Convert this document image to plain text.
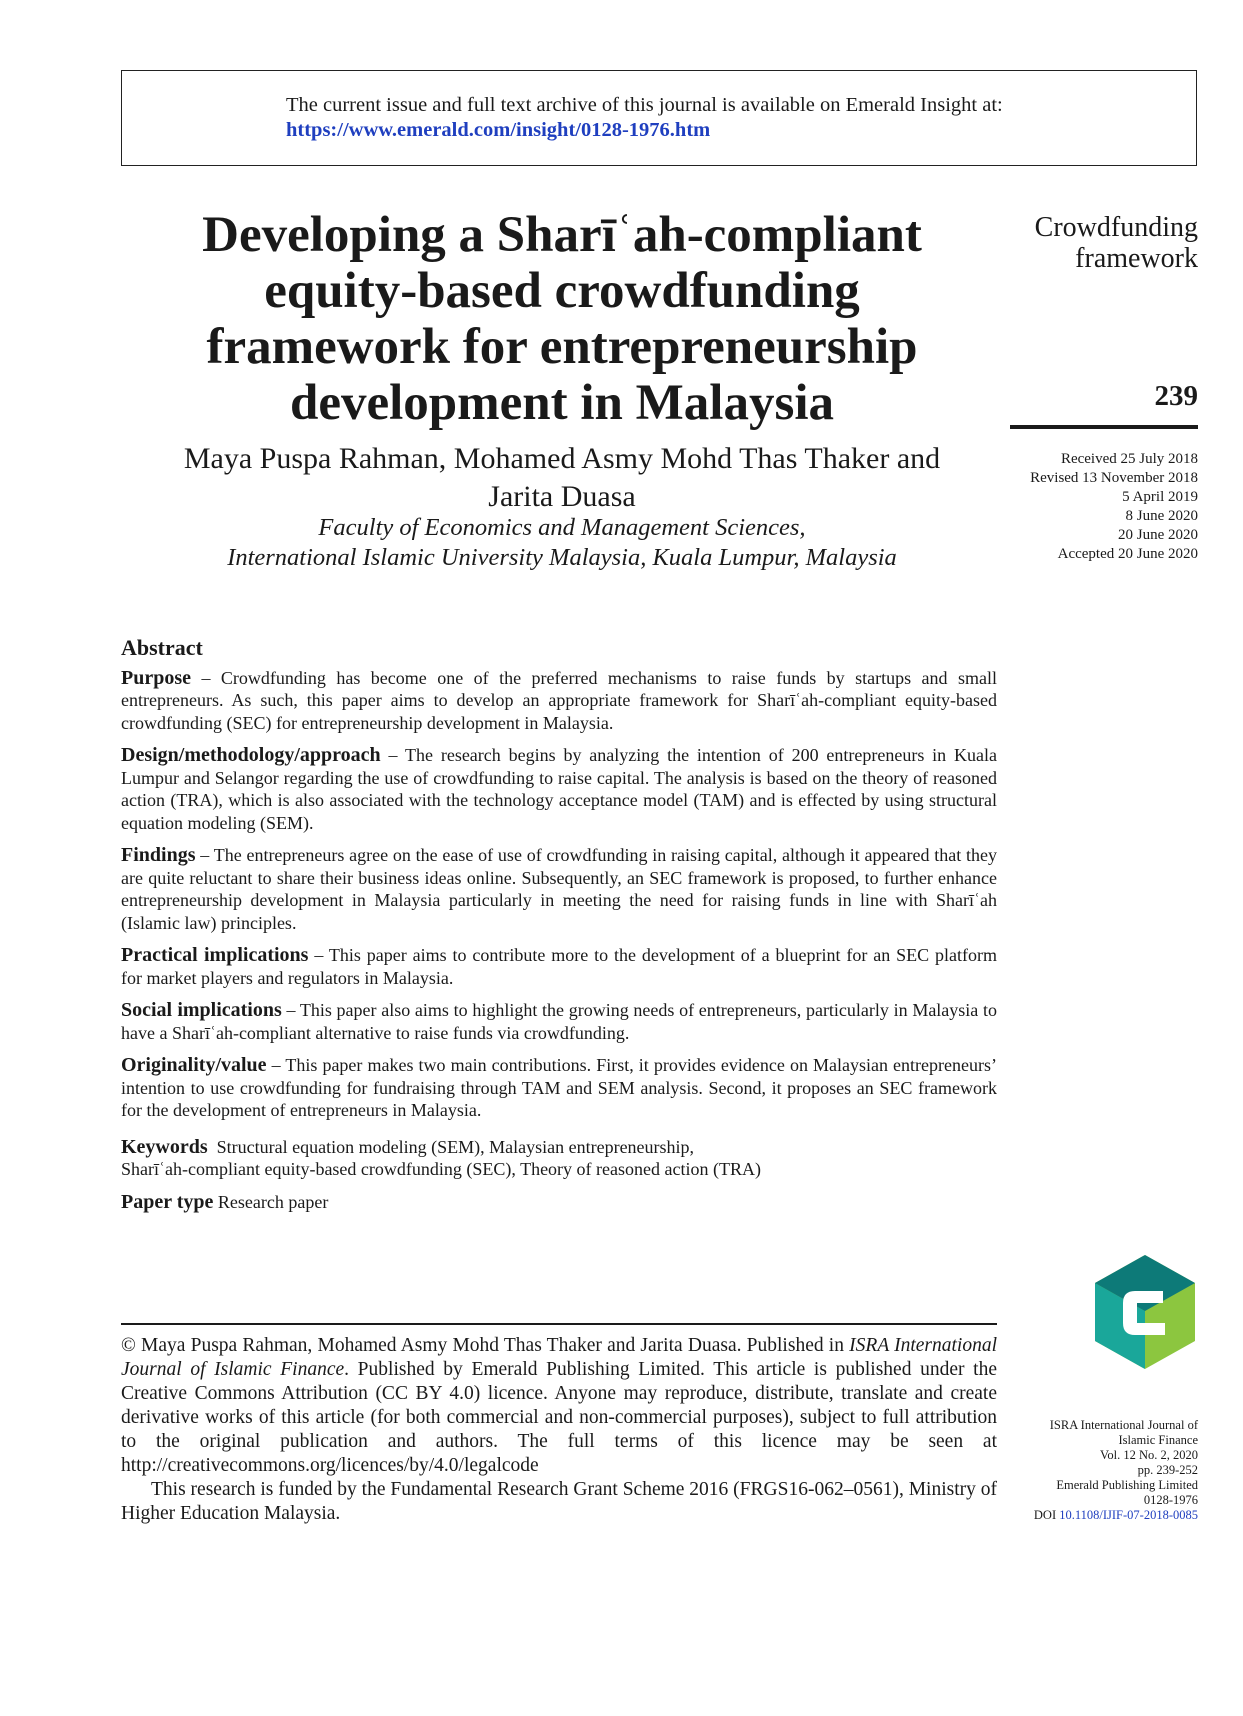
The current issue and full text archive of this journal is available on Emerald Insight at:
https://www.emerald.com/insight/0128-1976.htm
Developing a Sharīʿah-compliant
equity-based crowdfunding
framework for entrepreneurship
development in Malaysia
Maya Puspa Rahman, Mohamed Asmy Mohd Thas Thaker and
Jarita Duasa
Faculty of Economics and Management Sciences,
International Islamic University Malaysia, Kuala Lumpur, Malaysia
Crowdfunding
framework
239
Received 25 July 2018
Revised 13 November 2018
5 April 2019
8 June 2020
20 June 2020
Accepted 20 June 2020
Abstract

Purpose – Crowdfunding has become one of the preferred mechanisms to raise funds by startups and small entrepreneurs. As such, this paper aims to develop an appropriate framework for Sharīʿah-compliant equity-based crowdfunding (SEC) for entrepreneurship development in Malaysia.

Design/methodology/approach – The research begins by analyzing the intention of 200 entrepreneurs in Kuala Lumpur and Selangor regarding the use of crowdfunding to raise capital. The analysis is based on the theory of reasoned action (TRA), which is also associated with the technology acceptance model (TAM) and is effected by using structural equation modeling (SEM).

Findings – The entrepreneurs agree on the ease of use of crowdfunding in raising capital, although it appeared that they are quite reluctant to share their business ideas online. Subsequently, an SEC framework is proposed, to further enhance entrepreneurship development in Malaysia particularly in meeting the need for raising funds in line with Sharīʿah (Islamic law) principles.

Practical implications – This paper aims to contribute more to the development of a blueprint for an SEC platform for market players and regulators in Malaysia.

Social implications – This paper also aims to highlight the growing needs of entrepreneurs, particularly in Malaysia to have a Sharīʿah-compliant alternative to raise funds via crowdfunding.

Originality/value – This paper makes two main contributions. First, it provides evidence on Malaysian entrepreneurs’ intention to use crowdfunding for fundraising through TAM and SEM analysis. Second, it proposes an SEC framework for the development of entrepreneurs in Malaysia.

Keywords Structural equation modeling (SEM), Malaysian entrepreneurship,
Sharīʿah-compliant equity-based crowdfunding (SEC), Theory of reasoned action (TRA)
Paper type Research paper

© Maya Puspa Rahman, Mohamed Asmy Mohd Thas Thaker and Jarita Duasa. Published in ISRA International Journal of Islamic Finance. Published by Emerald Publishing Limited. This article is published under the Creative Commons Attribution (CC BY 4.0) licence. Anyone may reproduce, distribute, translate and create derivative works of this article (for both commercial and non-commercial purposes), subject to full attribution to the original publication and authors. The full terms of this licence may be seen at http://creativecommons.org/licences/by/4.0/legalcode

This research is funded by the Fundamental Research Grant Scheme 2016 (FRGS16-062–0561), Ministry of Higher Education Malaysia.

ISRA International Journal of
Islamic Finance
Vol. 12 No. 2, 2020
pp. 239-252
Emerald Publishing Limited
0128-1976
DOI 10.1108/IJIF-07-2018-0085
